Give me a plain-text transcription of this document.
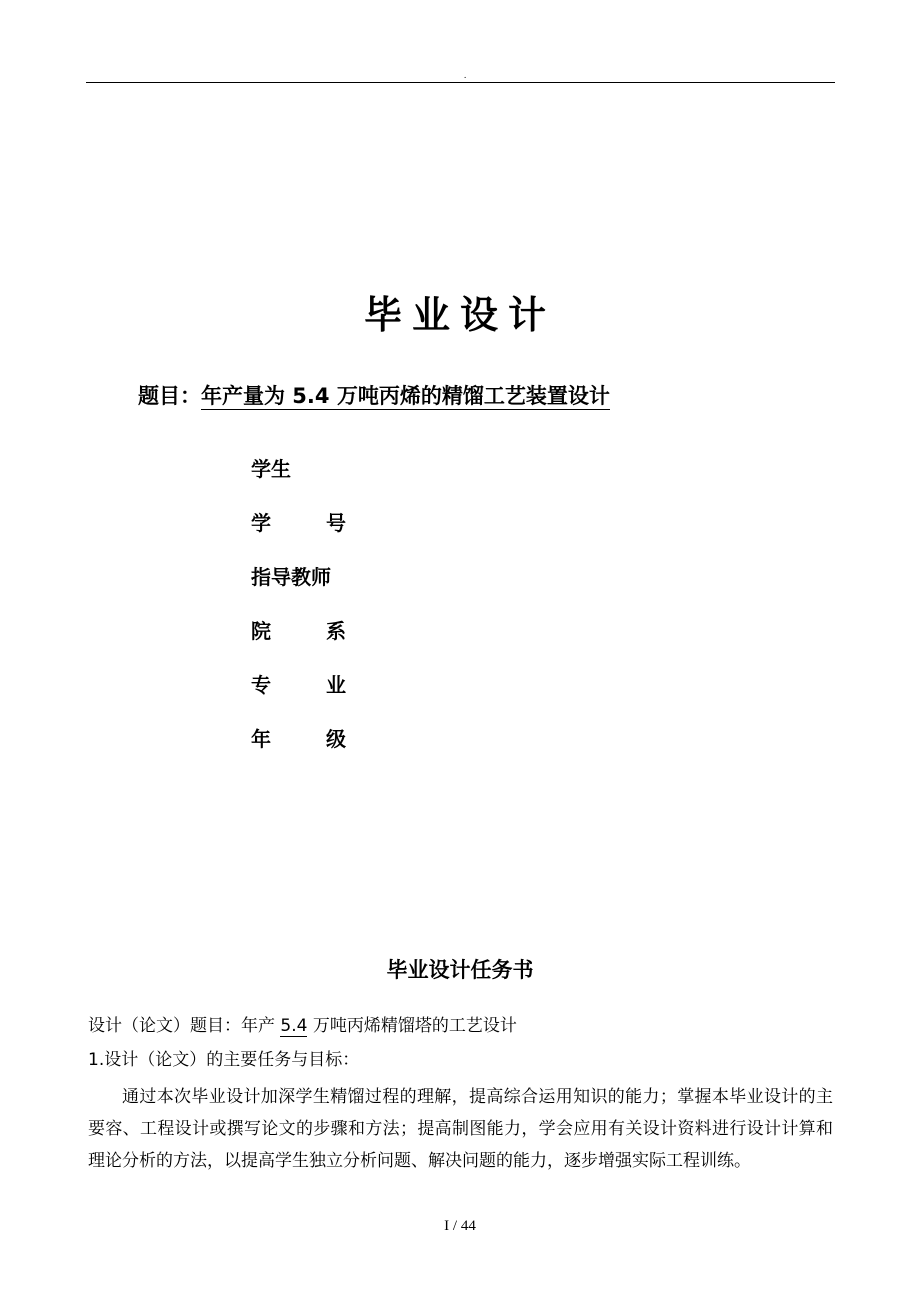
.
毕业设计
题目：年产量为 5.4 万吨丙烯的精馏工艺装置设计
学生
学	号
指导教师
院	系
专	业
年	级
毕业设计任务书
设计（论文）题目：年产 5.4 万吨丙烯精馏塔的工艺设计
1.设计（论文）的主要任务与目标：
通过本次毕业设计加深学生精馏过程的理解，提高综合运用知识的能力；掌握本毕业设计的主要容、工程设计或撰写论文的步骤和方法；提高制图能力，学会应用有关设计资料进行设计计算和理论分析的方法，以提高学生独立分析问题、解决问题的能力，逐步增强实际工程训练。
I / 44
